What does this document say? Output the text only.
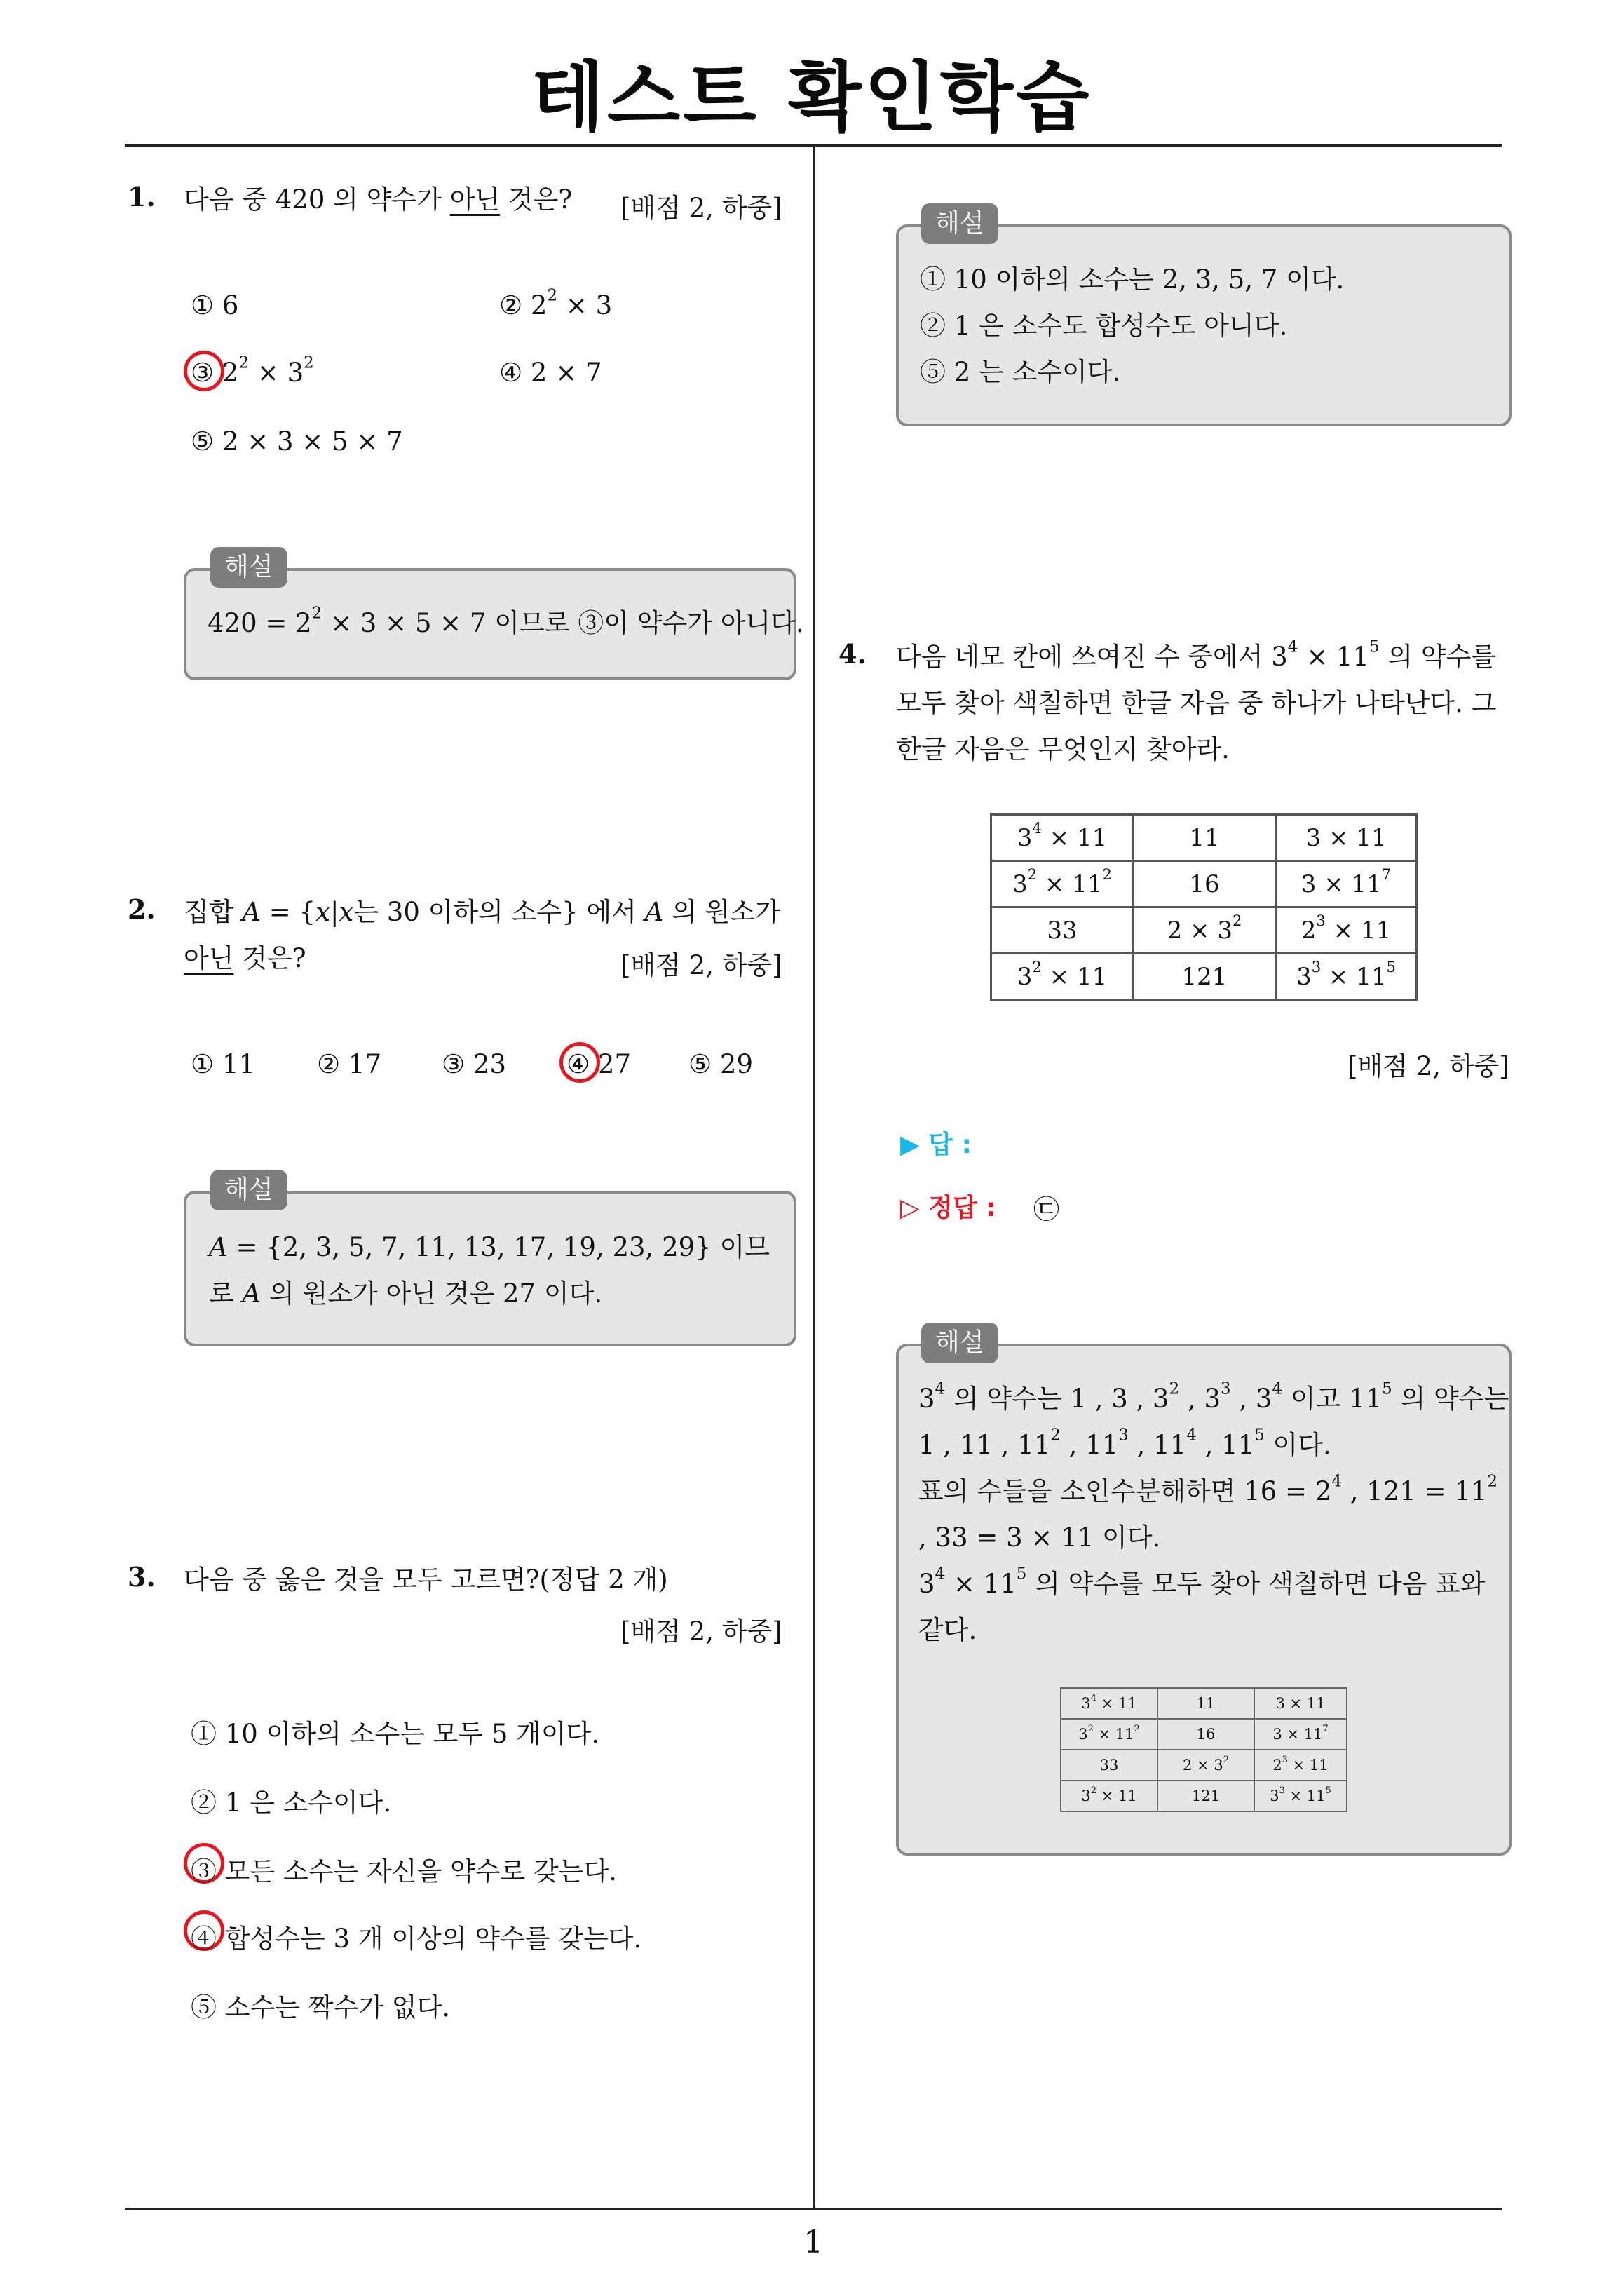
테스트 확인학습
1
1. 다음 중 420 의 약수가 아닌 것은? [배점 2, 하중]
① 6	② $2^2 \times 3$
③ $2^2 \times 3^2$	④ 2 × 7
⑤ 2 × 3 × 5 × 7
해설
$420 = 2^2 \times 3 \times 5 \times 7$ 이므로 ③이 약수가 아니다.
2. 집합 A = {x|x는 30 이하의 소수} 에서 A 의 원소가
아닌 것은?	[배점 2, 하중]
① 11 ② 17 ③ 23 ④ 27 ⑤ 29
해설
A = {2, 3, 5, 7, 11, 13, 17, 19, 23, 29} 이므
로 A 의 원소가 아닌 것은 27 이다.
3. 다음 중 옳은 것을 모두 고르면?(정답 2 개)
[배점 2, 하중]
① 10 이하의 소수는 모두 5 개이다.
② 1 은 소수이다.
③ 모든 소수는 자신을 약수로 갖는다.
④ 합성수는 3 개 이상의 약수를 갖는다.
⑤ 소수는 짝수가 없다.
해설
① 10 이하의 소수는 2, 3, 5, 7 이다.
② 1 은 소수도 합성수도 아니다.
⑤ 2 는 소수이다.
4. 다음 네모 칸에 쓰여진 수 중에서 $3^4 \times 11^5$ 의 약수를
모두 찾아 색칠하면 한글 자음 중 하나가 나타난다. 그
한글 자음은 무엇인지 찾아라.
$3^4 \times 11$	11	3 × 11
$3^2 \times 11^2$	16	$3 \times 11^7$
33	$2 \times 3^2$	$2^3 \times 11$
$3^2 \times 11$	121	$3^3 \times 11^5$
[배점 2, 하중]
▶ 답 :
▷ 정답 : ㉢
해설
$3^4$ 의 약수는 1 , 3 , $3^2$ , $3^3$ , $3^4$ 이고 $11^5$ 의 약수는
1 , 11 , $11^2$ , $11^3$ , $11^4$ , $11^5$ 이다.
표의 수들을 소인수분해하면 $16 = 2^4$ , $121 = 11^2$
, 33 = 3 × 11 이다.
$3^4 \times 11^5$ 의 약수를 모두 찾아 색칠하면 다음 표와
같다.
$3^4 \times 11$	11	3 × 11
$3^2 \times 11^2$	16	$3 \times 11^7$
33	$2 \times 3^2$	$2^3 \times 11$
$3^2 \times 11$	121	$3^3 \times 11^5$
